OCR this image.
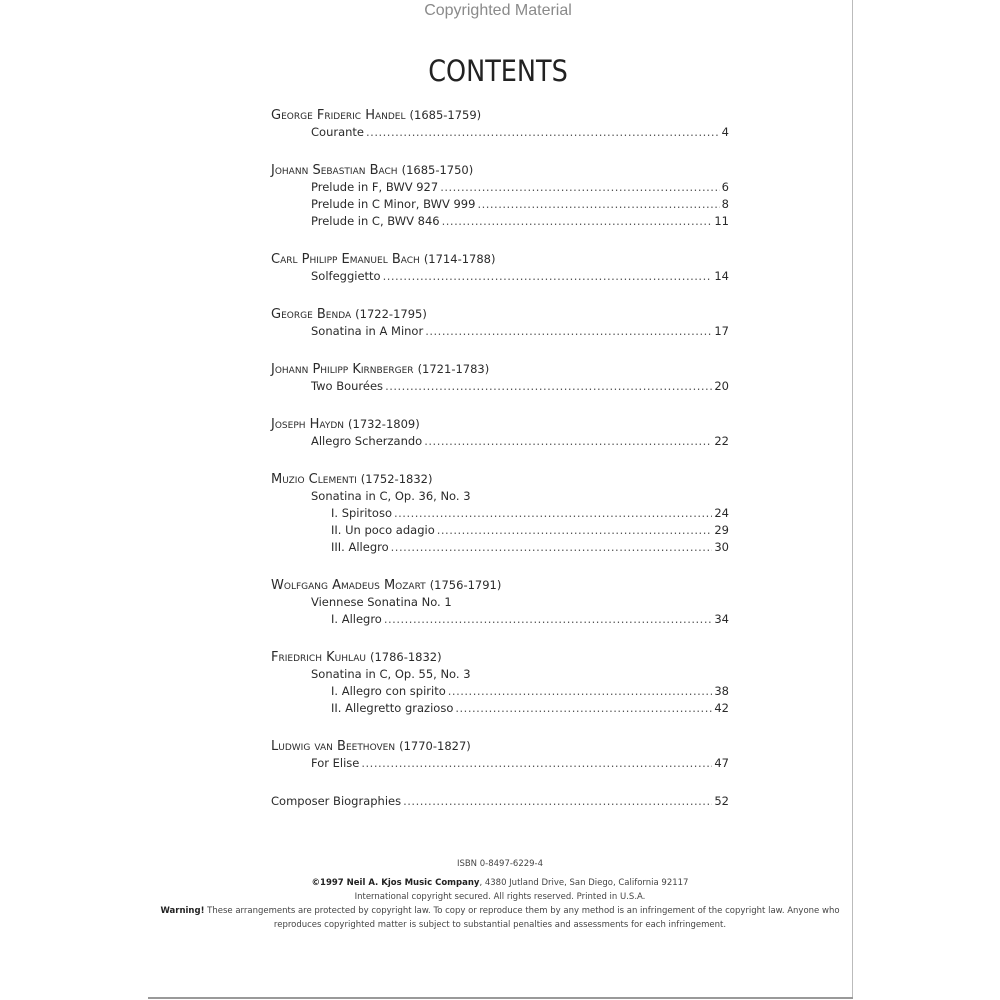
Copyrighted Material
CONTENTS
George Frideric Handel (1685-1759)
Courante .....	4
Johann Sebastian Bach (1685-1750)
Prelude in F, BWV 927 .....	6
Prelude in C Minor, BWV 999 .....	8
Prelude in C, BWV 846 .....	11
Carl Philipp Emanuel Bach (1714-1788)
Solfeggietto .....	14
George Benda (1722-1795)
Sonatina in A Minor .....	17
Johann Philipp Kirnberger (1721-1783)
Two Bourées .....	20
Joseph Haydn (1732-1809)
Allegro Scherzando .....	22
Muzio Clementi (1752-1832)
Sonatina in C, Op. 36, No. 3
I. Spiritoso .....	24
II. Un poco adagio .....	29
III. Allegro .....	30
Wolfgang Amadeus Mozart (1756-1791)
Viennese Sonatina No. 1
I. Allegro .....	34
Friedrich Kuhlau (1786-1832)
Sonatina in C, Op. 55, No. 3
I. Allegro con spirito .....	38
II. Allegretto grazioso .....	42
Ludwig van Beethoven (1770-1827)
For Elise .....	47
Composer Biographies .....	52
ISBN 0-8497-6229-4
©1997 Neil A. Kjos Music Company, 4380 Jutland Drive, San Diego, California 92117
International copyright secured. All rights reserved. Printed in U.S.A.
Warning! These arrangements are protected by copyright law. To copy or reproduce them by any method is an infringement of the copyright law. Anyone who reproduces copyrighted matter is subject to substantial penalties and assessments for each infringement.
